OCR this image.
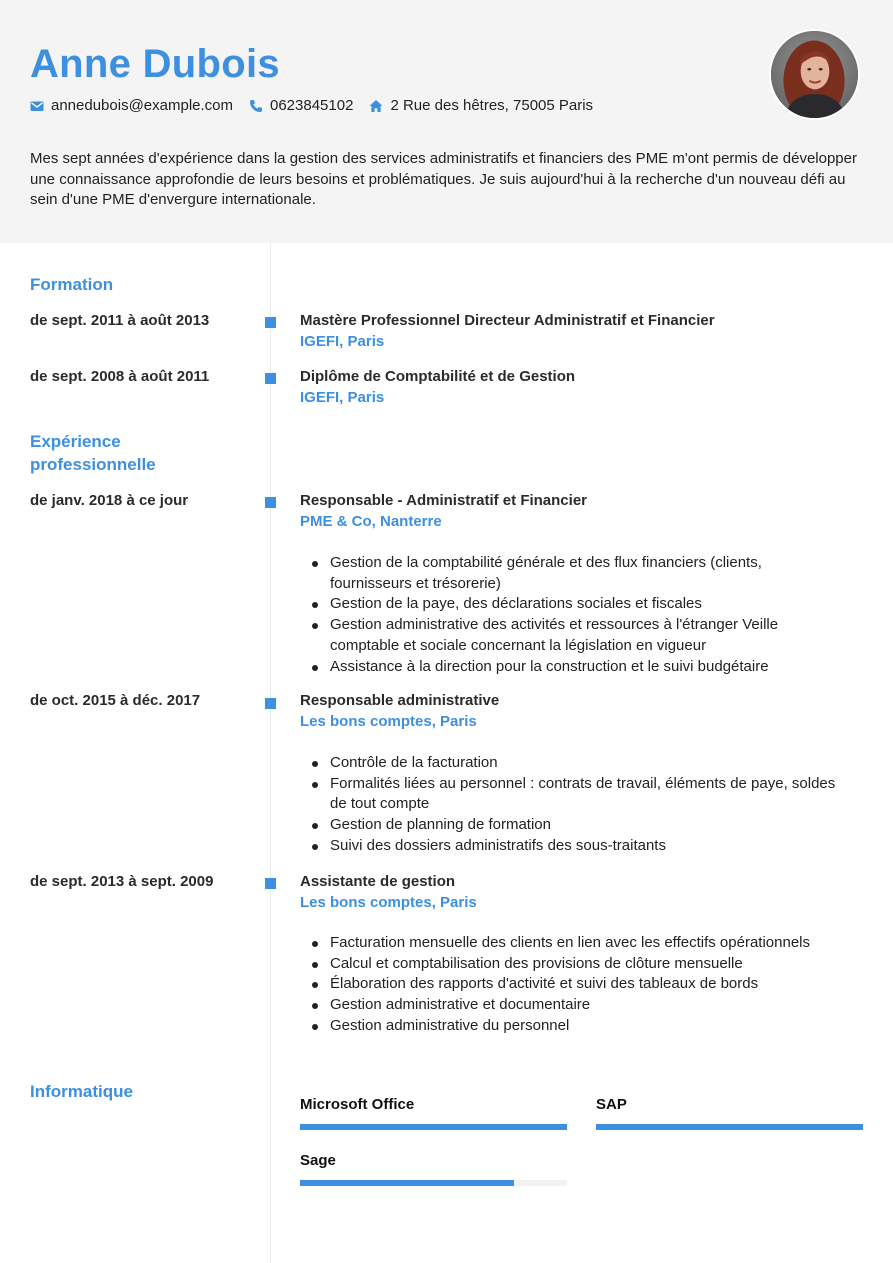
Anne Dubois
annedubois@example.com 0623845102 2 Rue des hêtres, 75005 Paris

Mes sept années d'expérience dans la gestion des services administratifs et financiers des PME m'ont permis de développer une connaissance approfondie de leurs besoins et problématiques. Je suis aujourd'hui à la recherche d'un nouveau défi au sein d'une PME d'envergure internationale.

Formation
de sept. 2011 à août 2013	Mastère Professionnel Directeur Administratif et Financier
IGEFI, Paris
de sept. 2008 à août 2011	Diplôme de Comptabilité et de Gestion
IGEFI, Paris
Expérience professionnelle
de janv. 2018 à ce jour	Responsable - Administratif et Financier
PME & Co, Nanterre
Gestion de la comptabilité générale et des flux financiers (clients, fournisseurs et trésorerie)
Gestion de la paye, des déclarations sociales et fiscales
Gestion administrative des activités et ressources à l'étranger Veille comptable et sociale concernant la législation en vigueur
Assistance à la direction pour la construction et le suivi budgétaire
de oct. 2015 à déc. 2017	Responsable administrative
Les bons comptes, Paris
Contrôle de la facturation
Formalités liées au personnel : contrats de travail, éléments de paye, soldes de tout compte
Gestion de planning de formation
Suivi des dossiers administratifs des sous-traitants
de sept. 2013 à sept. 2009	Assistante de gestion
Les bons comptes, Paris
Facturation mensuelle des clients en lien avec les effectifs opérationnels
Calcul et comptabilisation des provisions de clôture mensuelle
Élaboration des rapports d'activité et suivi des tableaux de bords
Gestion administrative et documentaire
Gestion administrative du personnel
Informatique
Microsoft Office	SAP
Sage
